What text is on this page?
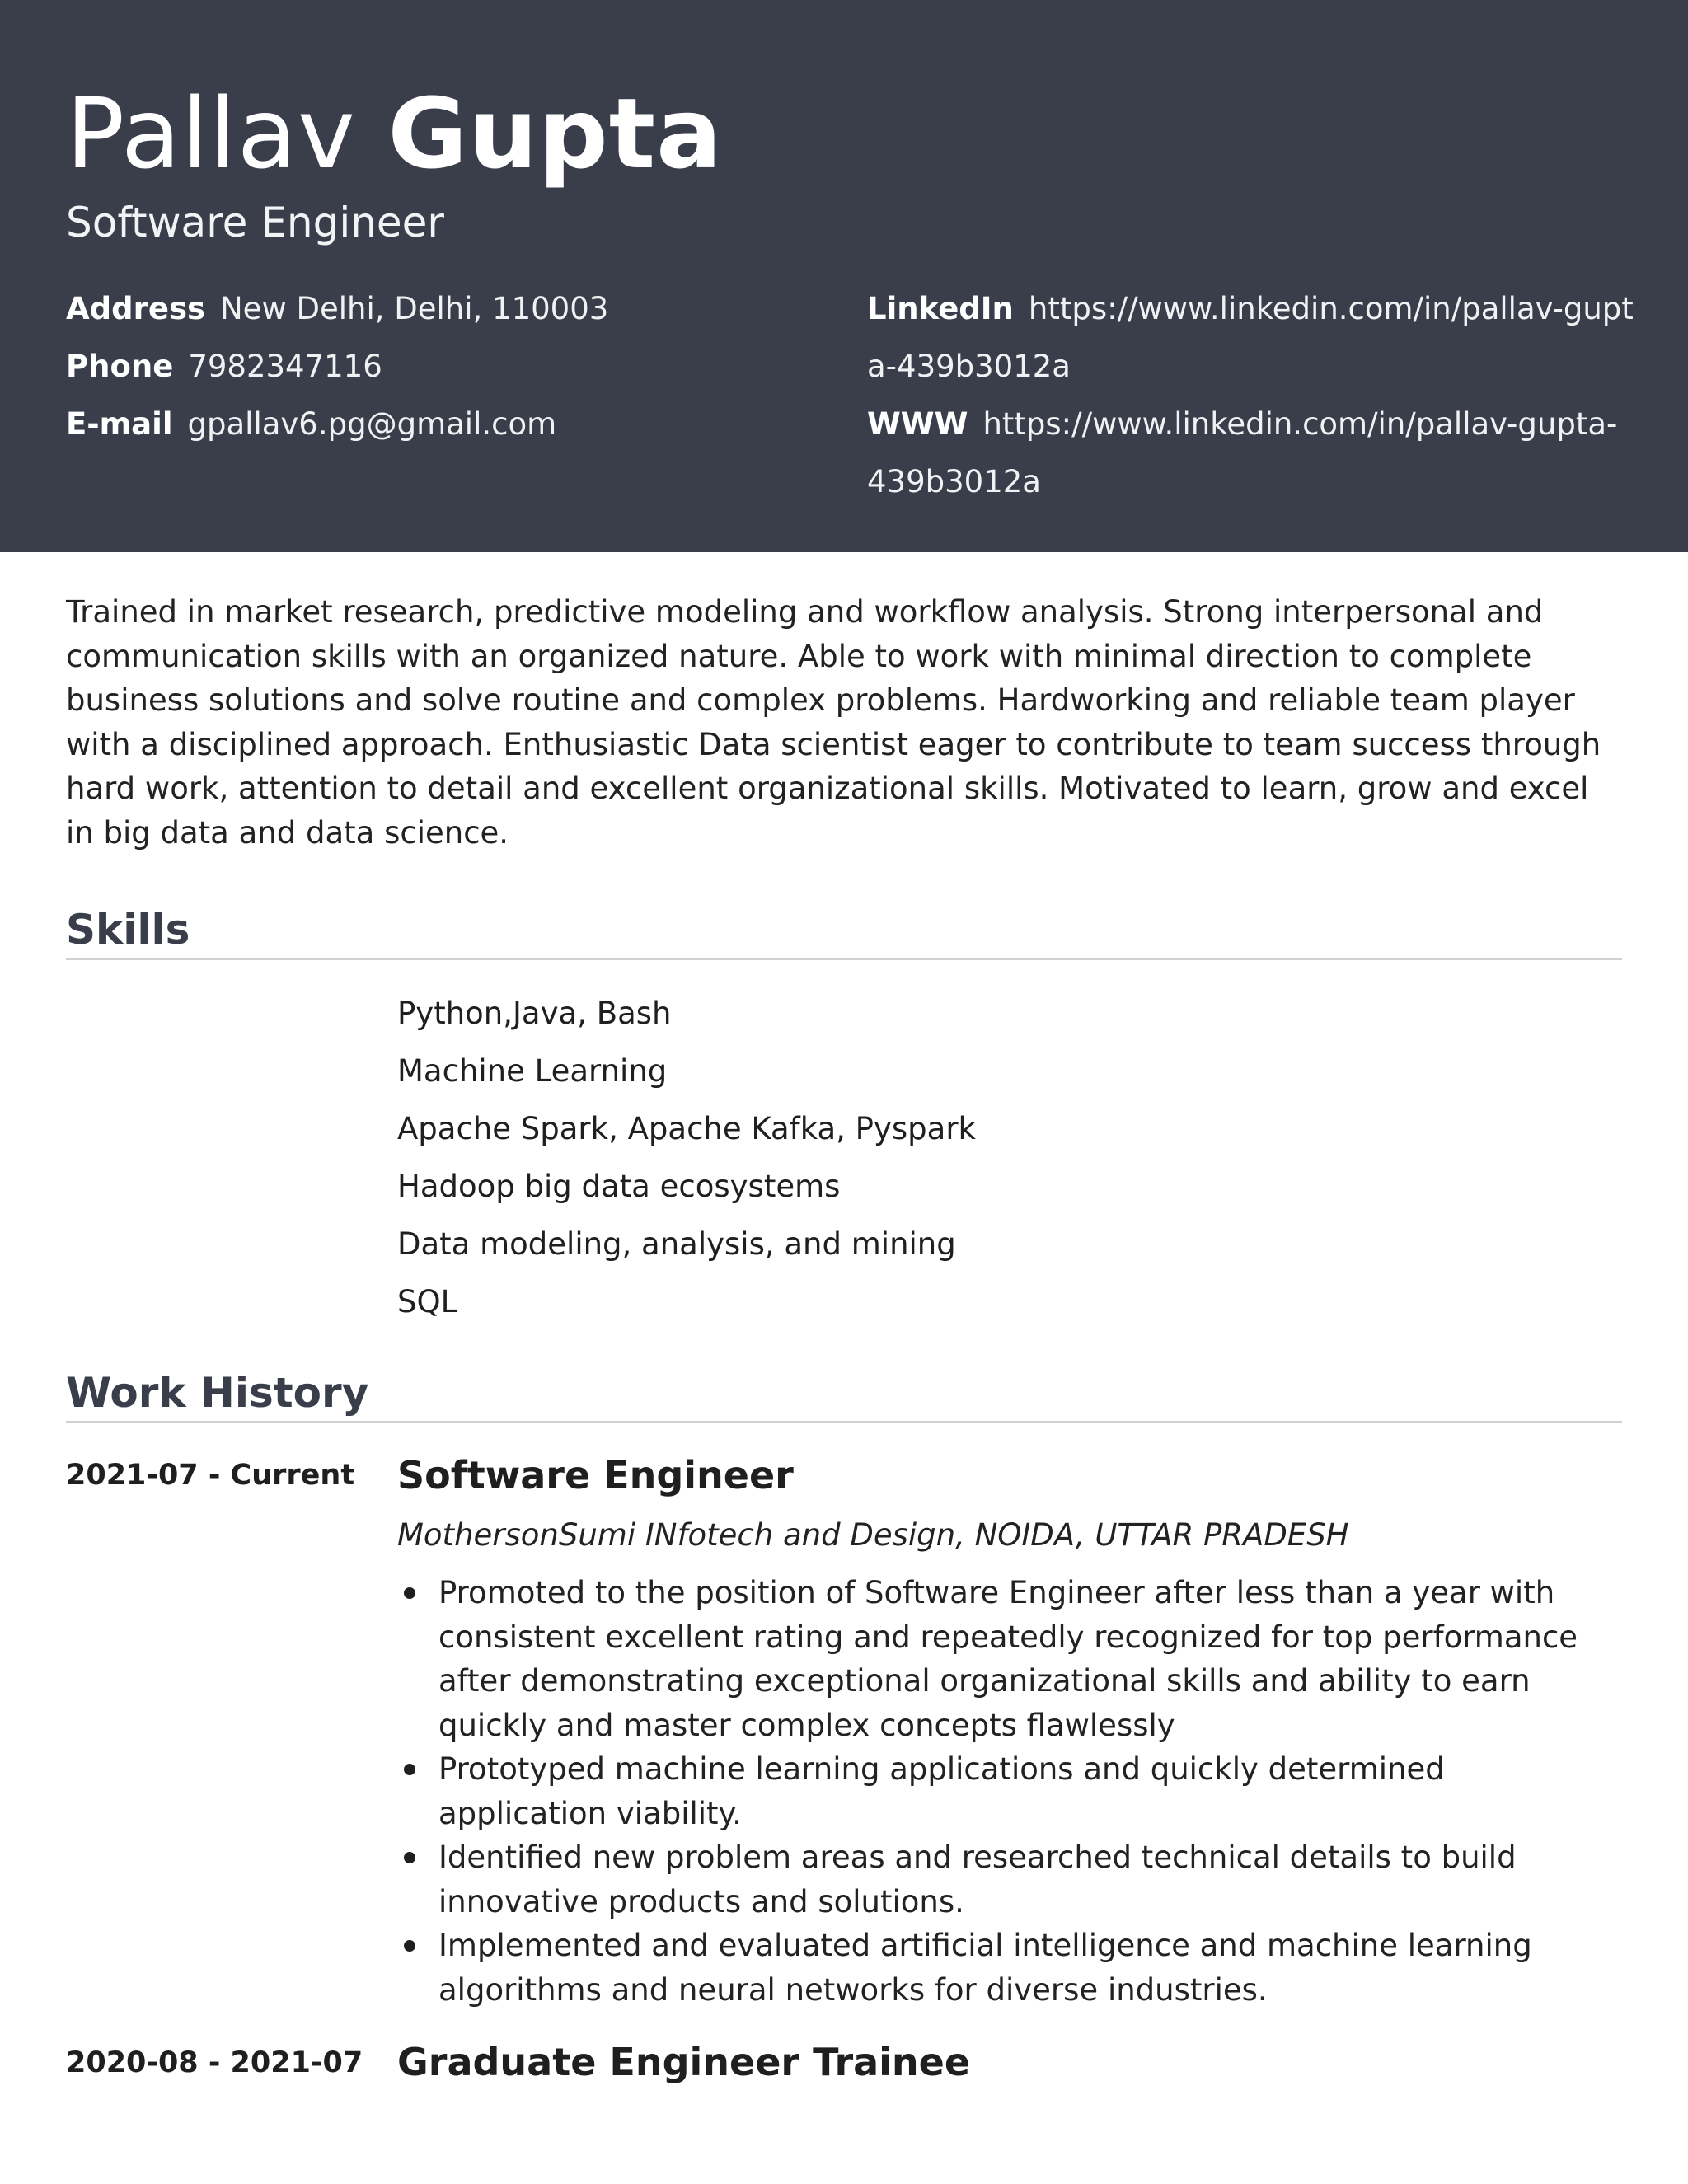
Pallav Gupta
Software Engineer
Address New Delhi, Delhi, 110003
Phone 7982347116
E-mail gpallav6.pg@gmail.com
LinkedIn https://www.linkedin.com/in/pallav-gupta-439b3012a
WWW https://www.linkedin.com/in/pallav-gupta-439b3012a
Trained in market research, predictive modeling and workflow analysis. Strong interpersonal and communication skills with an organized nature. Able to work with minimal direction to complete business solutions and solve routine and complex problems. Hardworking and reliable team player with a disciplined approach. Enthusiastic Data scientist eager to contribute to team success through hard work, attention to detail and excellent organizational skills. Motivated to learn, grow and excel in big data and data science.
Skills
Python,Java, Bash
Machine Learning
Apache Spark, Apache Kafka, Pyspark
Hadoop big data ecosystems
Data modeling, analysis, and mining
SQL
Work History
2021-07 - Current Software Engineer
MothersonSumi INfotech and Design, NOIDA, UTTAR PRADESH
Promoted to the position of Software Engineer after less than a year with consistent excellent rating and repeatedly recognized for top performance after demonstrating exceptional organizational skills and ability to earn quickly and master complex concepts flawlessly
Prototyped machine learning applications and quickly determined application viability.
Identified new problem areas and researched technical details to build innovative products and solutions.
Implemented and evaluated artificial intelligence and machine learning algorithms and neural networks for diverse industries.
2020-08 - 2021-07 Graduate Engineer Trainee
